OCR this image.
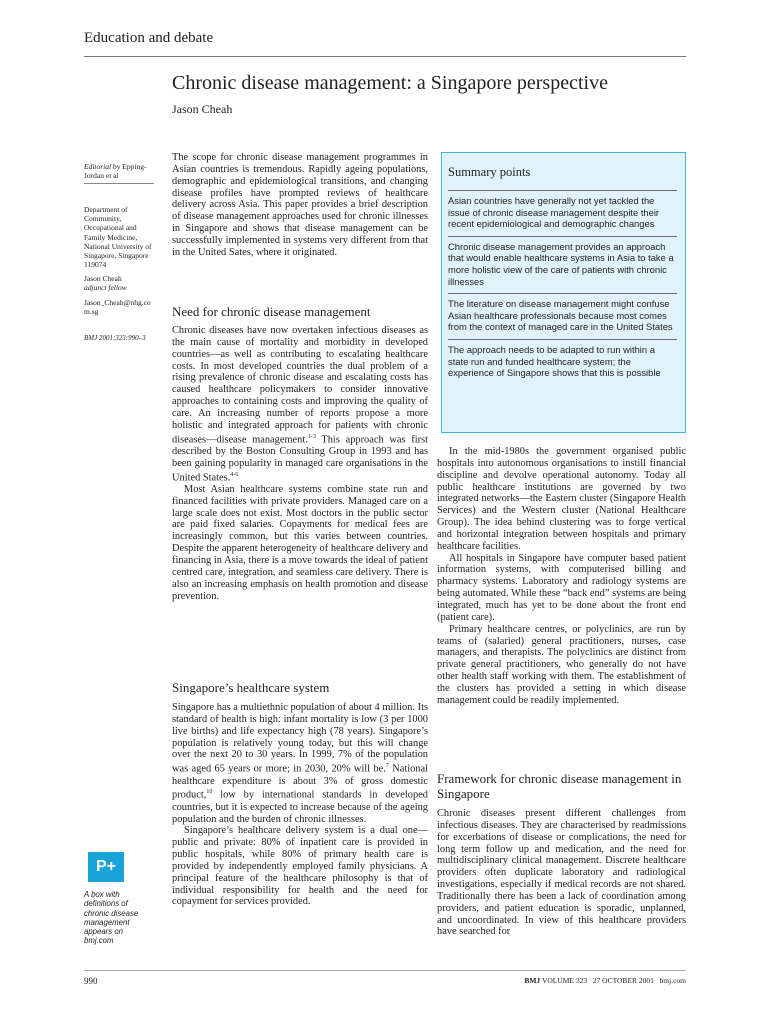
Education and debate
Chronic disease management: a Singapore perspective
Jason Cheah
Editorial by Epping-Jordan et al
Department of Community, Occupational and Family Medicine, National University of Singapore, Singapore 119074
Jason Cheah
adjunct fellow
Jason_Cheah@nhg.com.sg
BMJ 2001;323:990–3
P+
A box with definitions of chronic disease management appears on bmj.com

The scope for chronic disease management programmes in Asian countries is tremendous. Rapidly ageing populations, demographic and epidemiological transitions, and changing disease profiles have prompted reviews of healthcare delivery across Asia. This paper provides a brief description of disease management approaches used for chronic illnesses in Singapore and shows that disease management can be successfully implemented in systems very different from that in the United Sates, where it originated.

Need for chronic disease management

Chronic diseases have now overtaken infectious diseases as the main cause of mortality and morbidity in developed countries—as well as contributing to escalating healthcare costs. In most developed countries the dual problem of a rising prevalence of chronic disease and escalating costs has caused healthcare policymakers to consider innovative approaches to containing costs and improving the quality of care. An increasing number of reports propose a more holistic and integrated approach for patients with chronic diseases—disease management.$^{1-3}$ This approach was first described by the Boston Consulting Group in 1993 and has been gaining popularity in managed care organisations in the United States.$^{4-6}$

Most Asian healthcare systems combine state run and financed facilities with private providers. Managed care on a large scale does not exist. Most doctors in the public sector are paid fixed salaries. Copayments for medical fees are increasingly common, but this varies between countries. Despite the apparent heterogeneity of healthcare delivery and financing in Asia, there is a move towards the ideal of patient centred care, integration, and seamless care delivery. There is also an increasing emphasis on health promotion and disease prevention.

Singapore’s healthcare system

Singapore has a multiethnic population of about 4 million. Its standard of health is high: infant mortality is low (3 per 1000 live births) and life expectancy high (78 years). Singapore’s population is relatively young today, but this will change over the next 20 to 30 years. In 1999, 7% of the population was aged 65 years or more; in 2030, 20% will be.$^7$ National healthcare expenditure is about 3% of gross domestic product,$^{10}$ low by international standards in developed countries, but it is expected to increase because of the ageing population and the burden of chronic illnesses.

Singapore’s healthcare delivery system is a dual one—public and private: 80% of inpatient care is provided in public hospitals, while 80% of primary health care is provided by independently employed family physicians. A principal feature of the healthcare philosophy is that of individual responsibility for health and the need for copayment for services provided.

Summary points
Asian countries have generally not yet tackled the issue of chronic disease management despite their recent epidemiological and demographic changes
Chronic disease management provides an approach that would enable healthcare systems in Asia to take a more holistic view of the care of patients with chronic illnesses
The literature on disease management might confuse Asian healthcare professionals because most comes from the context of managed care in the United States
The approach needs to be adapted to run within a state run and funded healthcare system; the experience of Singapore shows that this is possible

In the mid-1980s the government organised public hospitals into autonomous organisations to instill financial discipline and devolve operational autonomy. Today all public healthcare institutions are governed by two integrated networks—the Eastern cluster (Singapore Health Services) and the Western cluster (National Healthcare Group). The idea behind clustering was to forge vertical and horizontal integration between hospitals and primary healthcare facilities.

All hospitals in Singapore have computer based patient information systems, with computerised billing and pharmacy systems. Laboratory and radiology systems are being automated. While these “back end” systems are being integrated, much has yet to be done about the front end (patient care).

Primary healthcare centres, or polyclinics, are run by teams of (salaried) general practitioners, nurses, case managers, and therapists. The polyclinics are distinct from private general practitioners, who generally do not have other health staff working with them. The establishment of the clusters has provided a setting in which disease management could be readily implemented.

Framework for chronic disease management in Singapore

Chronic diseases present different challenges from infectious diseases. They are characterised by readmissions for excerbations of disease or complications, the need for long term follow up and medication, and the need for multidisciplinary clinical management. Discrete healthcare providers often duplicate laboratory and radiological investigations, especially if medical records are not shared. Traditionally there has been a lack of coordination among providers, and patient education is sporadic, unplanned, and uncoordinated. In view of this healthcare providers have searched for

990	BMJ VOLUME 323 27 OCTOBER 2001 bmj.com
